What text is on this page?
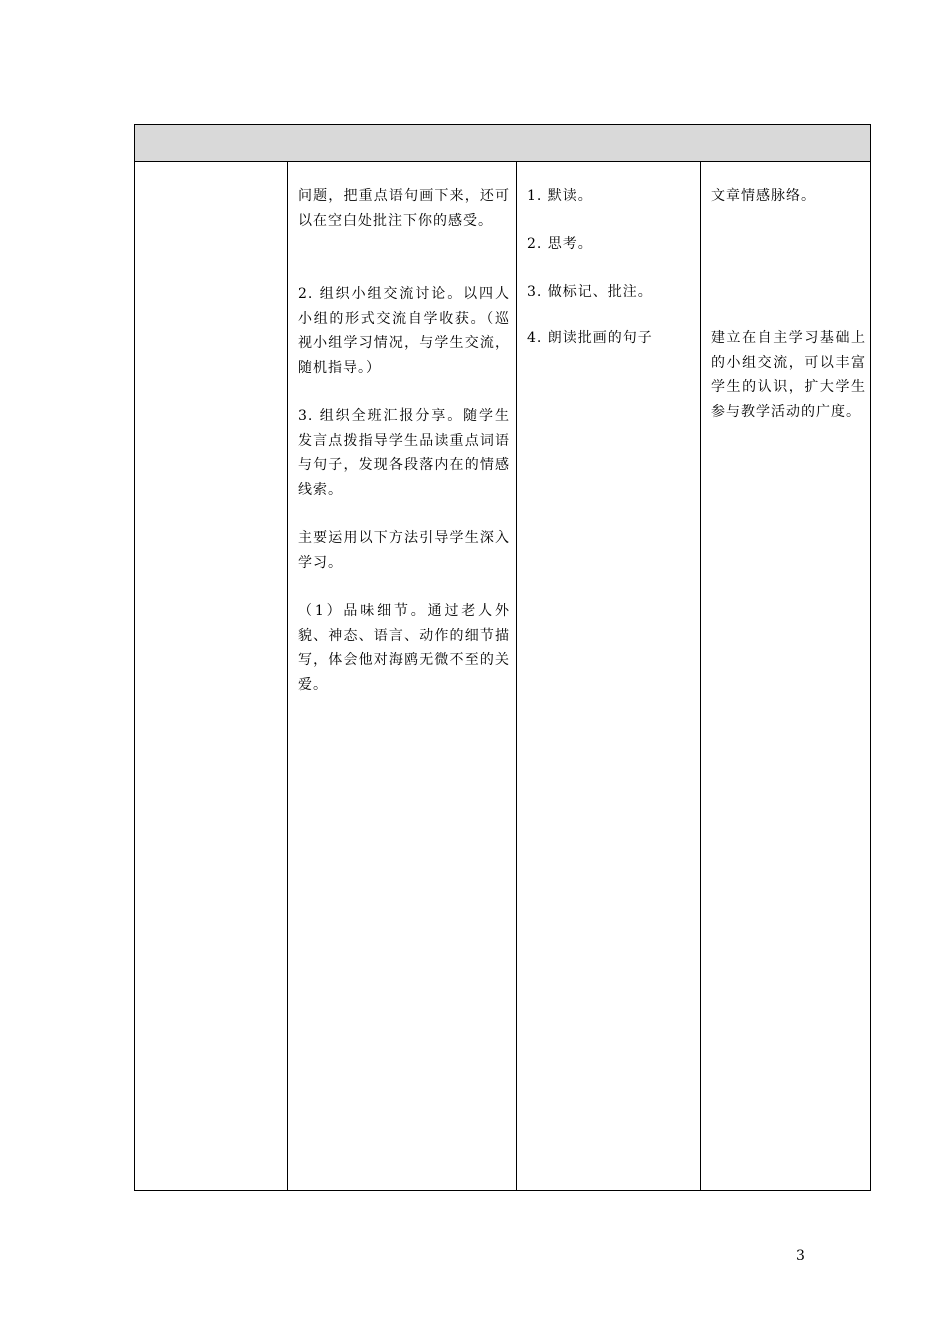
问题，把重点语句画下来，还可以在空白处批注下你的感受。
2. 组织小组交流讨论。以四人小组的形式交流自学收获。（巡视小组学习情况，与学生交流，随机指导。）
3. 组织全班汇报分享。随学生发言点拨指导学生品读重点词语与句子，发现各段落内在的情感线索。
主要运用以下方法引导学生深入学习。
（1）品味细节。通过老人外貌、神态、语言、动作的细节描写，体会他对海鸥无微不至的关爱。
1. 默读。
2. 思考。
3. 做标记、批注。
4. 朗读批画的句子
文章情感脉络。
建立在自主学习基础上的小组交流，可以丰富学生的认识，扩大学生参与教学活动的广度。
3
